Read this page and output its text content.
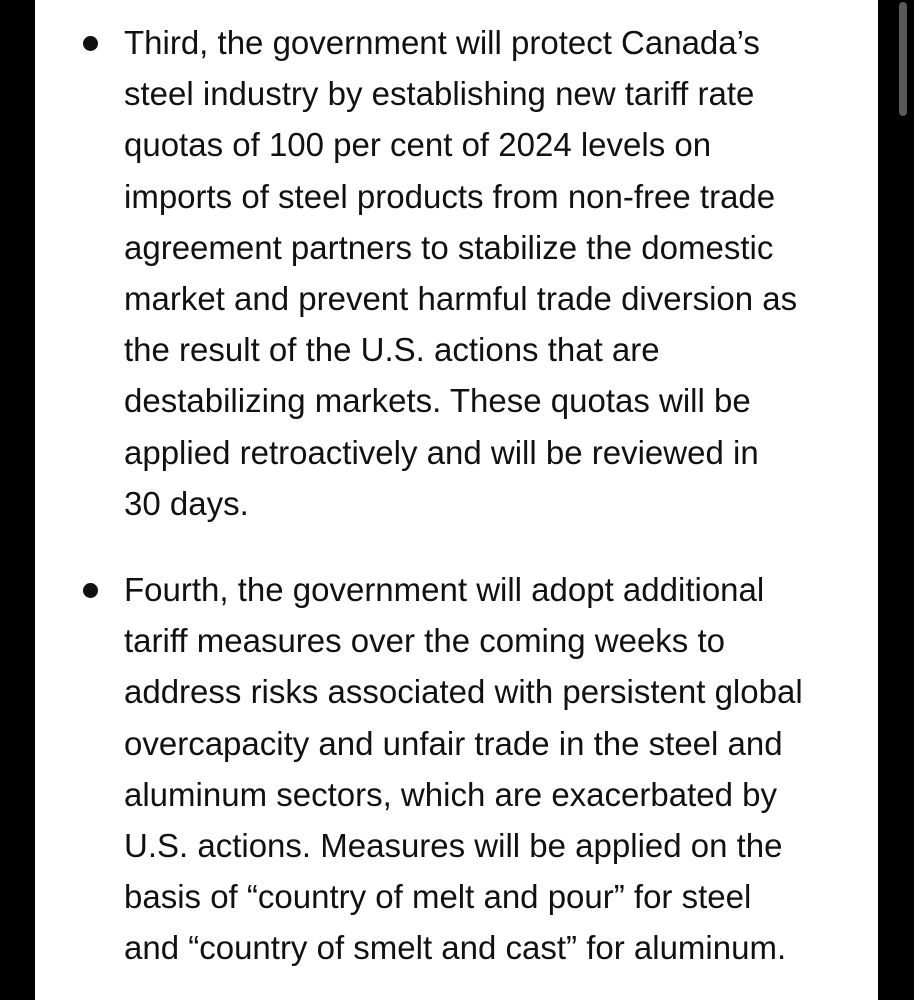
Third, the government will protect Canada’s
steel industry by establishing new tariff rate
quotas of 100 per cent of 2024 levels on
imports of steel products from non-free trade
agreement partners to stabilize the domestic
market and prevent harmful trade diversion as
the result of the U.S. actions that are
destabilizing markets. These quotas will be
applied retroactively and will be reviewed in
30 days.
Fourth, the government will adopt additional
tariff measures over the coming weeks to
address risks associated with persistent global
overcapacity and unfair trade in the steel and
aluminum sectors, which are exacerbated by
U.S. actions. Measures will be applied on the
basis of “country of melt and pour” for steel
and “country of smelt and cast” for aluminum.
